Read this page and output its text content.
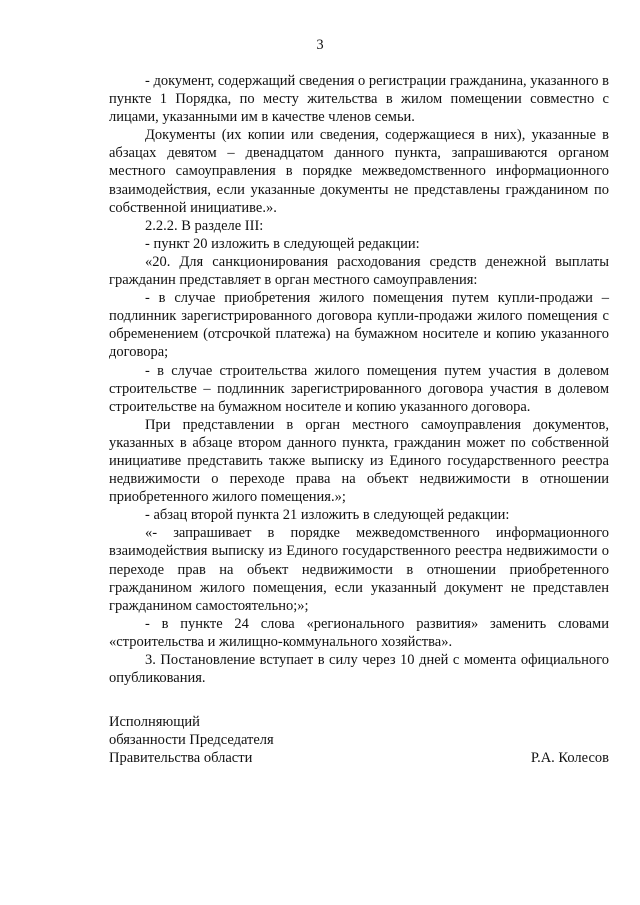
3

- документ, содержащий сведения о регистрации гражданина, указанного в пункте 1 Порядка, по месту жительства в жилом помещении совместно с лицами, указанными им в качестве членов семьи.

Документы (их копии или сведения, содержащиеся в них), указанные в абзацах девятом – двенадцатом данного пункта, запрашиваются органом местного самоуправления в порядке межведомственного информационного взаимодействия, если указанные документы не представлены гражданином по собственной инициативе.».

2.2.2. В разделе III:

- пункт 20 изложить в следующей редакции:

«20. Для санкционирования расходования средств денежной выплаты гражданин представляет в орган местного самоуправления:

- в случае приобретения жилого помещения путем купли-продажи – подлинник зарегистрированного договора купли-продажи жилого помещения с обременением (отсрочкой платежа) на бумажном носителе и копию указанного договора;

- в случае строительства жилого помещения путем участия в долевом строительстве – подлинник зарегистрированного договора участия в долевом строительстве на бумажном носителе и копию указанного договора.

При представлении в орган местного самоуправления документов, указанных в абзаце втором данного пункта, гражданин может по собственной инициативе представить также выписку из Единого государственного реестра недвижимости о переходе права на объект недвижимости в отношении приобретенного жилого помещения.»;

- абзац второй пункта 21 изложить в следующей редакции:

«- запрашивает в порядке межведомственного информационного взаимодействия выписку из Единого государственного реестра недвижимости о переходе прав на объект недвижимости в отношении приобретенного гражданином жилого помещения, если указанный документ не представлен гражданином самостоятельно;»;

- в пункте 24 слова «регионального развития» заменить словами «строительства и жилищно-коммунального хозяйства».

3. Постановление вступает в силу через 10 дней с момента официального опубликования.

Исполняющий
обязанности Председателя
Правительства области	Р.А. Колесов
